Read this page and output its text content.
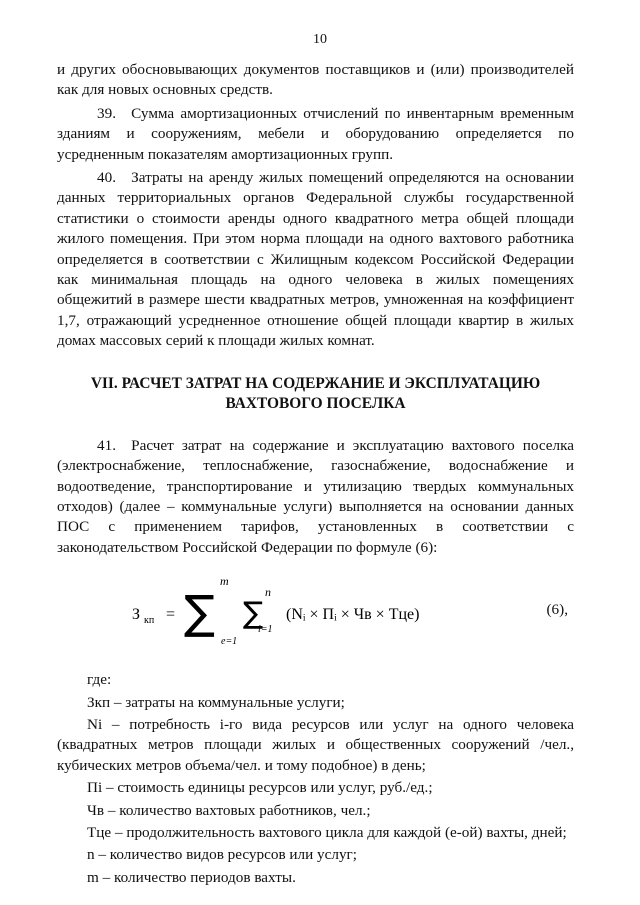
10

и других обосновывающих документов поставщиков и (или) производителей как для новых основных средств.

39. Сумма амортизационных отчислений по инвентарным временным зданиям и сооружениям, мебели и оборудованию определяется по усредненным показателям амортизационных групп.

40. Затраты на аренду жилых помещений определяются на основании данных территориальных органов Федеральной службы государственной статистики о стоимости аренды одного квадратного метра общей площади жилого помещения. При этом норма площади на одного вахтового работника определяется в соответствии с Жилищным кодексом Российской Федерации как минимальная площадь на одного человека в жилых помещениях общежитий в размере шести квадратных метров, умноженная на коэффициент 1,7, отражающий усредненное отношение общей площади квартир в жилых домах массовых серий к площади жилых комнат.

VII. РАСЧЕТ ЗАТРАТ НА СОДЕРЖАНИЕ И ЭКСПЛУАТАЦИЮ
ВАХТОВОГО ПОСЕЛКА

41. Расчет затрат на содержание и эксплуатацию вахтового поселка (электроснабжение, теплоснабжение, газоснабжение, водоснабжение и водоотведение, транспортирование и утилизацию твердых коммунальных отходов) (далее – коммунальные услуги) выполняется на основании данных ПОС с применением тарифов, установленных в соответствии с законодательством Российской Федерации по формуле (6):

З кп = ∑
m
e=1
∑
n
i=1
(Nᵢ × Пᵢ × Чв × Тцe)	(6),

где:

Зкп – затраты на коммунальные услуги;

Ni – потребность i-го вида ресурсов или услуг на одного человека (квадратных метров площади жилых и общественных сооружений /чел., кубических метров объема/чел. и тому подобное) в день;

Пi – стоимость единицы ресурсов или услуг, руб./ед.;

Чв – количество вахтовых работников, чел.;

Тцe – продолжительность вахтового цикла для каждой (e-ой) вахты, дней;

n – количество видов ресурсов или услуг;

m – количество периодов вахты.
